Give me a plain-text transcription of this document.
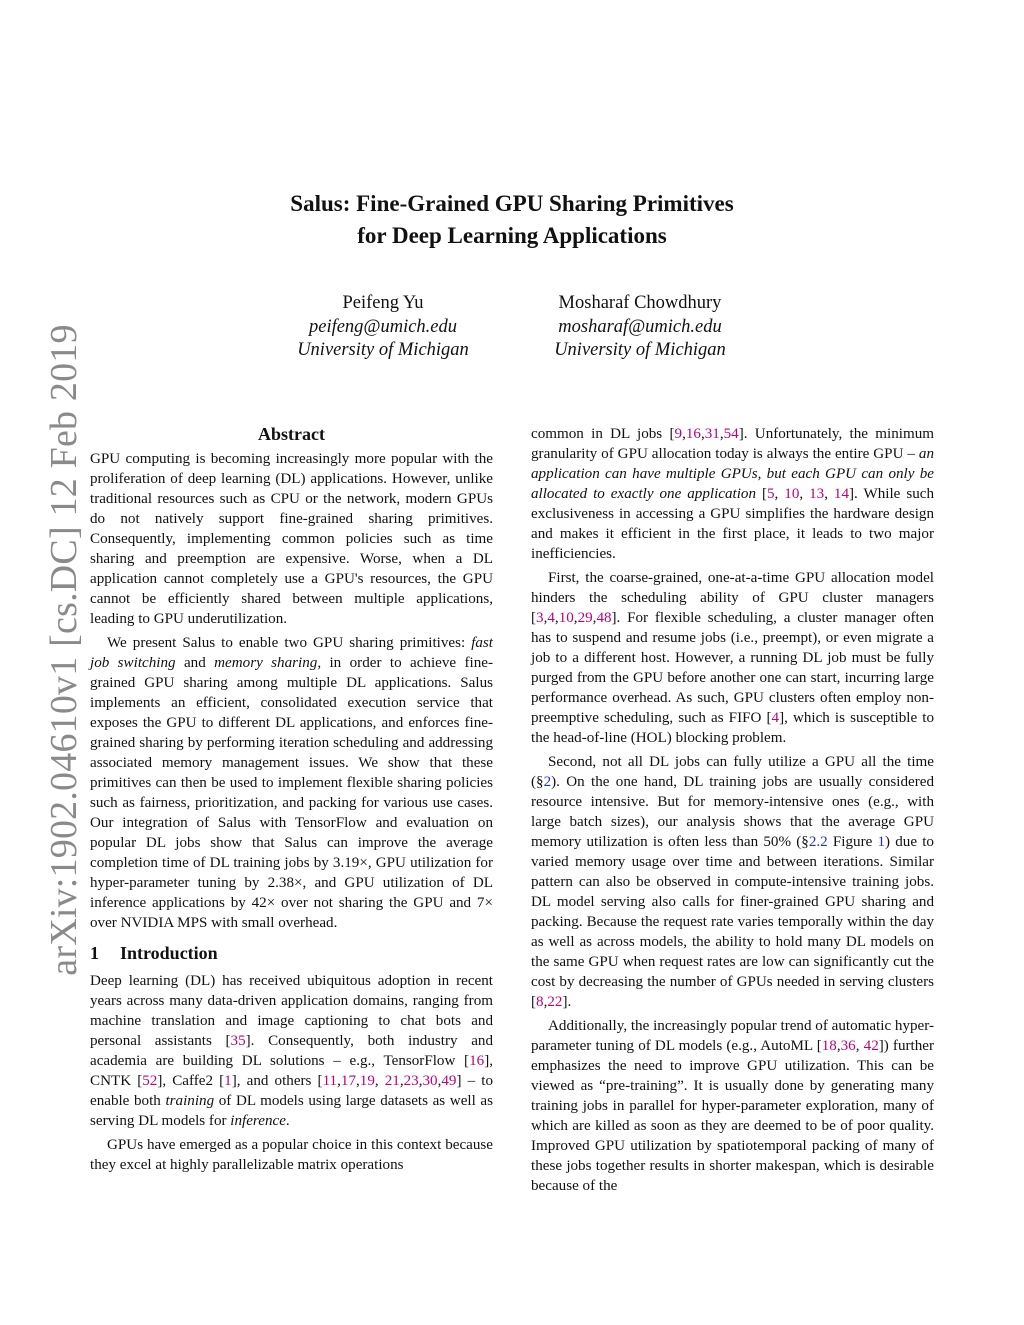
arXiv:1902.04610v1 [cs.DC] 12 Feb 2019
Salus: Fine-Grained GPU Sharing Primitives
for Deep Learning Applications
Peifeng Yu
peifeng@umich.edu
University of Michigan
Mosharaf Chowdhury
mosharaf@umich.edu
University of Michigan
Abstract

GPU computing is becoming increasingly more popular with the proliferation of deep learning (DL) applications. However, unlike traditional resources such as CPU or the network, modern GPUs do not natively support fine-grained sharing primitives. Consequently, implementing common policies such as time sharing and preemption are expensive. Worse, when a DL application cannot completely use a GPU's resources, the GPU cannot be efficiently shared between multiple applications, leading to GPU underutilization.

We present Salus to enable two GPU sharing primitives: fast job switching and memory sharing, in order to achieve fine-grained GPU sharing among multiple DL applications. Salus implements an efficient, consolidated execution service that exposes the GPU to different DL applications, and enforces fine-grained sharing by performing iteration scheduling and addressing associated memory management issues. We show that these primitives can then be used to implement flexible sharing policies such as fairness, prioritization, and packing for various use cases. Our integration of Salus with TensorFlow and evaluation on popular DL jobs show that Salus can improve the average completion time of DL training jobs by 3.19×, GPU utilization for hyper-parameter tuning by 2.38×, and GPU utilization of DL inference applications by 42× over not sharing the GPU and 7× over NVIDIA MPS with small overhead.

1 Introduction

Deep learning (DL) has received ubiquitous adoption in recent years across many data-driven application domains, ranging from machine translation and image captioning to chat bots and personal assistants [35]. Consequently, both industry and academia are building DL solutions – e.g., TensorFlow [16], CNTK [52], Caffe2 [1], and others [11,17,19, 21,23,30,49] – to enable both training of DL models using large datasets as well as serving DL models for inference.

GPUs have emerged as a popular choice in this context because they excel at highly parallelizable matrix operations

common in DL jobs [9,16,31,54]. Unfortunately, the minimum granularity of GPU allocation today is always the entire GPU – an application can have multiple GPUs, but each GPU can only be allocated to exactly one application [5, 10, 13, 14]. While such exclusiveness in accessing a GPU simplifies the hardware design and makes it efficient in the first place, it leads to two major inefficiencies.

First, the coarse-grained, one-at-a-time GPU allocation model hinders the scheduling ability of GPU cluster managers [3,4,10,29,48]. For flexible scheduling, a cluster manager often has to suspend and resume jobs (i.e., preempt), or even migrate a job to a different host. However, a running DL job must be fully purged from the GPU before another one can start, incurring large performance overhead. As such, GPU clusters often employ non-preemptive scheduling, such as FIFO [4], which is susceptible to the head-of-line (HOL) blocking problem.

Second, not all DL jobs can fully utilize a GPU all the time (§2). On the one hand, DL training jobs are usually considered resource intensive. But for memory-intensive ones (e.g., with large batch sizes), our analysis shows that the average GPU memory utilization is often less than 50% (§2.2 Figure 1) due to varied memory usage over time and between iterations. Similar pattern can also be observed in compute-intensive training jobs. DL model serving also calls for finer-grained GPU sharing and packing. Because the request rate varies temporally within the day as well as across models, the ability to hold many DL models on the same GPU when request rates are low can significantly cut the cost by decreasing the number of GPUs needed in serving clusters [8,22].

Additionally, the increasingly popular trend of automatic hyper-parameter tuning of DL models (e.g., AutoML [18,36, 42]) further emphasizes the need to improve GPU utilization. This can be viewed as “pre-training”. It is usually done by generating many training jobs in parallel for hyper-parameter exploration, many of which are killed as soon as they are deemed to be of poor quality. Improved GPU utilization by spatiotemporal packing of many of these jobs together results in shorter makespan, which is desirable because of the
